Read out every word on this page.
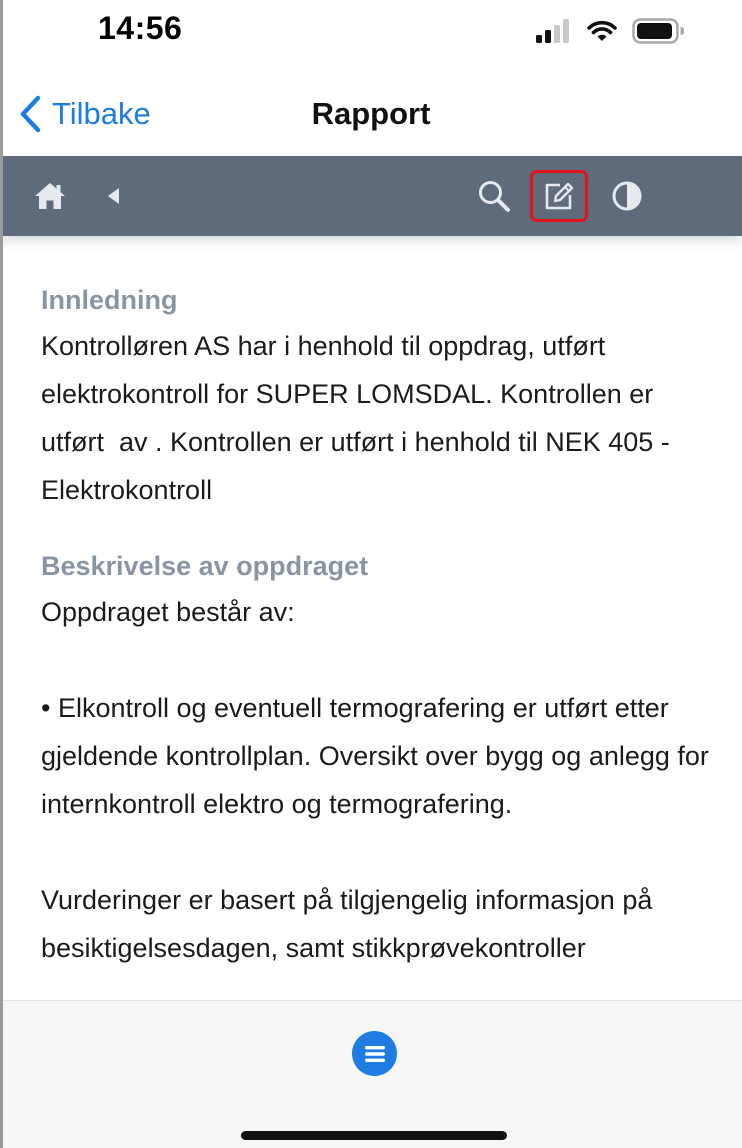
14:56
Tilbake	Rapport
Innledning

Kontrolløren AS har i henhold til oppdrag, utført elektrokontroll for SUPER LOMSDAL. Kontrollen er utført  av . Kontrollen er utført i henhold til NEK 405 - Elektrokontroll

Beskrivelse av oppdraget

Oppdraget består av:

• Elkontroll og eventuell termografering er utført etter gjeldende kontrollplan. Oversikt over bygg og anlegg for internkontroll elektro og termografering.

Vurderinger er basert på tilgjengelig informasjon på besiktigelsesdagen, samt stikkprøvekontroller
